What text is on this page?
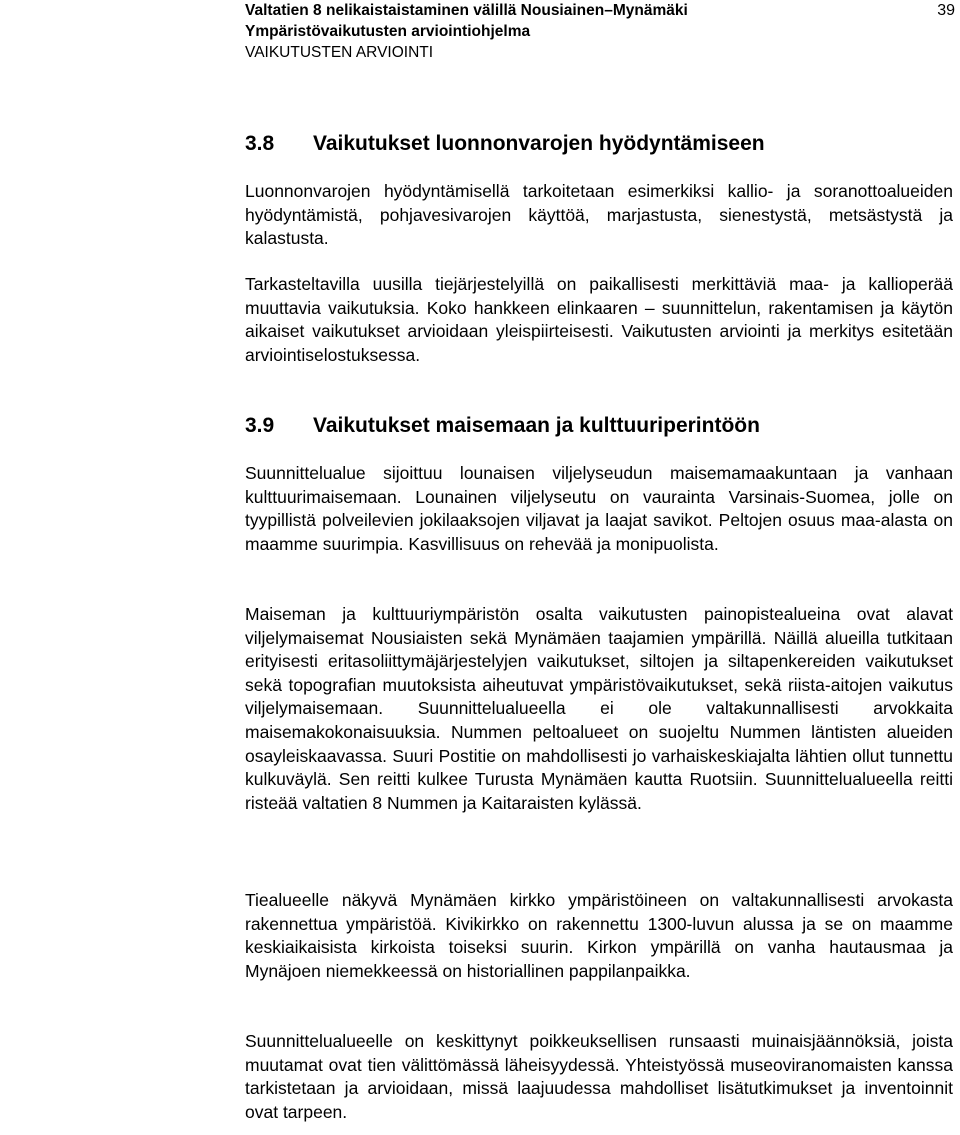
Valtatien 8 nelikaistaistaminen välillä Nousiainen–Mynämäki	39
Ympäristövaikutusten arviointiohjelma
VAIKUTUSTEN ARVIOINTI
3.8	Vaikutukset luonnonvarojen hyödyntämiseen

Luonnonvarojen hyödyntämisellä tarkoitetaan esimerkiksi kallio- ja soranottoalueiden hyödyntämistä, pohjavesivarojen käyttöä, marjastusta, sienestystä, metsästystä ja kalastusta.

Tarkasteltavilla uusilla tiejärjestelyillä on paikallisesti merkittäviä maa- ja kallioperää muuttavia vaikutuksia. Koko hankkeen elinkaaren – suunnittelun, rakentamisen ja käytön aikaiset vaikutukset arvioidaan yleispiirteisesti. Vaikutusten arviointi ja merkitys esitetään arviointiselostuksessa.

3.9	Vaikutukset maisemaan ja kulttuuriperintöön

Suunnittelualue sijoittuu lounaisen viljelyseudun maisemamaakuntaan ja vanhaan kulttuurimaisemaan. Lounainen viljelyseutu on vaurainta Varsinais-Suomea, jolle on tyypillistä polveilevien jokilaaksojen viljavat ja laajat savikot. Peltojen osuus maa-alasta on maamme suurimpia. Kasvillisuus on rehevää ja monipuolista.

Maiseman ja kulttuuriympäristön osalta vaikutusten painopistealueina ovat alavat viljelymaisemat Nousiaisten sekä Mynämäen taajamien ympärillä. Näillä alueilla tutkitaan erityisesti eritasoliittymäjärjestelyjen vaikutukset, siltojen ja siltapenkereiden vaikutukset sekä topografian muutoksista aiheutuvat ympäristövaikutukset, sekä riista-aitojen vaikutus viljelymaisemaan. Suunnittelualueella ei ole valtakunnallisesti arvokkaita maisemakokonaisuuksia. Nummen peltoalueet on suojeltu Nummen läntisten alueiden osayleiskaavassa. Suuri Postitie on mahdollisesti jo varhaiskeskiajalta lähtien ollut tunnettu kulkuväylä. Sen reitti kulkee Turusta Mynämäen kautta Ruotsiin. Suunnittelualueella reitti risteää valtatien 8 Nummen ja Kaitaraisten kylässä.

Tiealueelle näkyvä Mynämäen kirkko ympäristöineen on valtakunnallisesti arvokasta rakennettua ympäristöä. Kivikirkko on rakennettu 1300-luvun alussa ja se on maamme keskiaikaisista kirkoista toiseksi suurin. Kirkon ympärillä on vanha hautausmaa ja Mynäjoen niemekkeessä on historiallinen pappilanpaikka.

Suunnittelualueelle on keskittynyt poikkeuksellisen runsaasti muinaisjäännöksiä, joista muutamat ovat tien välittömässä läheisyydessä. Yhteistyössä museoviranomaisten kanssa tarkistetaan ja arvioidaan, missä laajuudessa mahdolliset lisätutkimukset ja inventoinnit ovat tarpeen.
